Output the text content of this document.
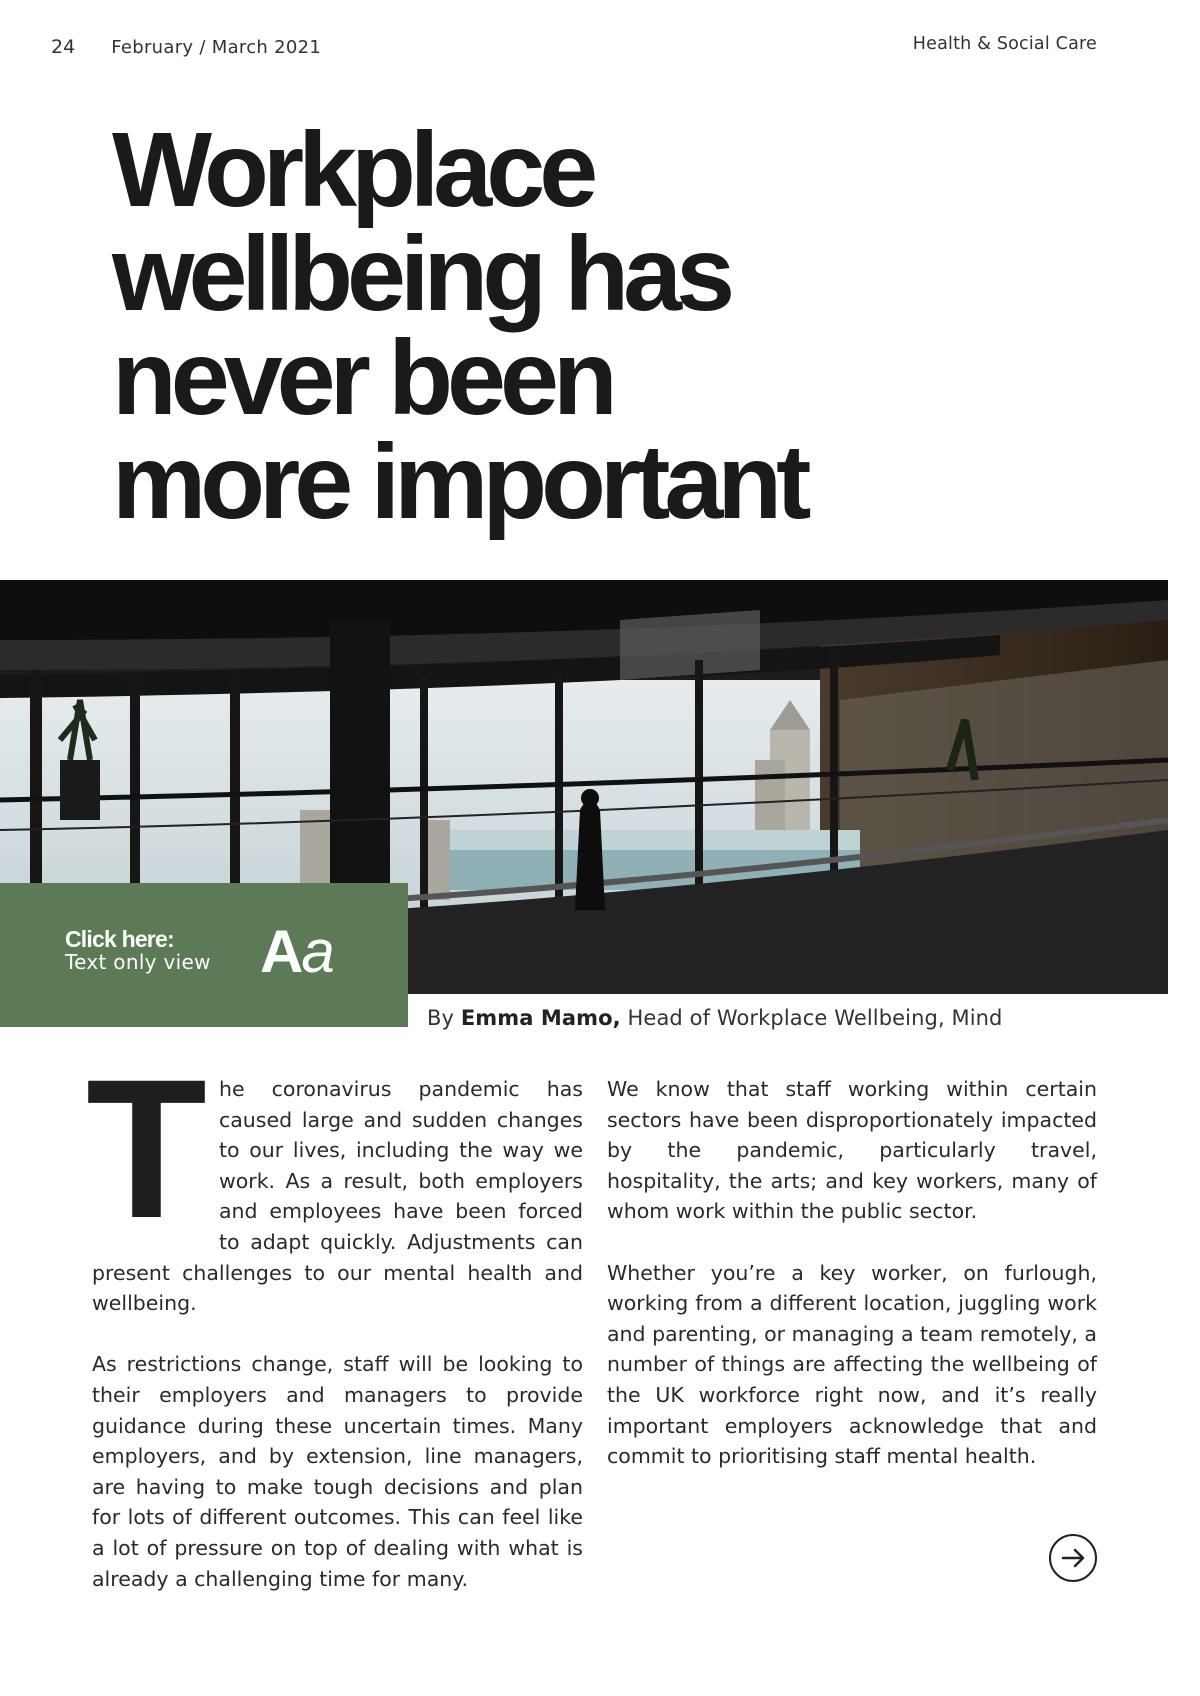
24 February / March 2021	Health & Social Care
Workplace
wellbeing has
never been
more important
Click here:
Text only view Aa
By Emma Mamo, Head of Workplace Wellbeing, Mind

The coronavirus pandemic has caused large and sudden changes to our lives, including the way we work. As a result, both employers and employees have been forced to adapt quickly. Adjustments can present challenges to our mental health and wellbeing.

As restrictions change, staff will be looking to their employers and managers to provide guidance during these uncertain times. Many employers, and by extension, line managers, are having to make tough decisions and plan for lots of different outcomes. This can feel like a lot of pressure on top of dealing with what is already a challenging time for many.

We know that staff working within certain sectors have been disproportionately impacted by the pandemic, particularly travel, hospitality, the arts; and key workers, many of whom work within the public sector.

Whether you’re a key worker, on furlough, working from a different location, juggling work and parenting, or managing a team remotely, a number of things are affecting the wellbeing of the UK workforce right now, and it’s really important employers acknowledge that and commit to prioritising staff mental health.
